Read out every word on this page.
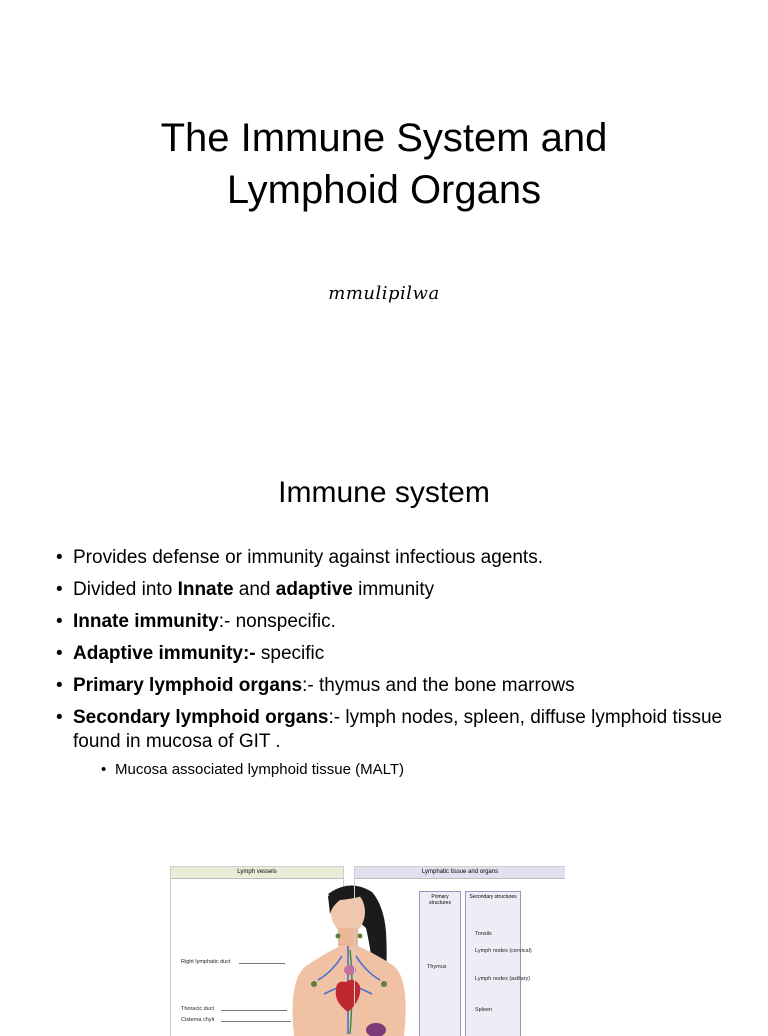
The Immune System and
Lymphoid Organs

mmulipilwa

Immune system
• Provides defense or immunity against infectious agents.
• Divided into Innate and adaptive immunity
• Innate immunity:- nonspecific.
• Adaptive immunity:- specific
• Primary lymphoid organs:- thymus and the bone marrows
• Secondary lymphoid organs:- lymph nodes, spleen, diffuse lymphoid tissue found in mucosa of GIT .
• Mucosa associated lymphoid tissue (MALT)
Lymph vessels
Right lymphatic duct
Thoracic duct
Cisterna chyli
Lymphatic tissue and organs
Primary structures
Secondary structures
Thymus
Tonsils
Lymph nodes (cervical)
Lymph nodes (axillary)
Spleen
